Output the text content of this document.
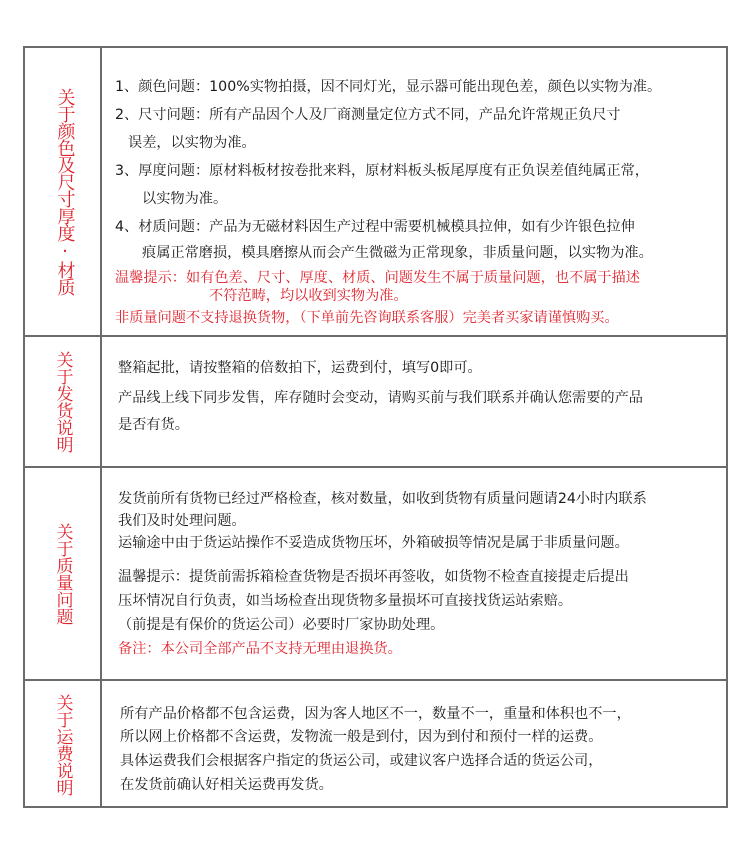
关于颜色及尺寸厚度·材质
1、颜色问题：100%实物拍摄，因不同灯光，显示器可能出现色差，颜色以实物为准。
2、尺寸问题：所有产品因个人及厂商测量定位方式不同，产品允许常规正负尺寸
误差，以实物为准。
3、厚度问题：原材料板材按卷批来料，原材料板头板尾厚度有正负误差值纯属正常，
以实物为准。
4、材质问题：产品为无磁材料因生产过程中需要机械模具拉伸，如有少许银色拉伸
痕属正常磨损，模具磨擦从而会产生微磁为正常现象，非质量问题，以实物为准。
温馨提示：如有色差、尺寸、厚度、材质、问题发生不属于质量问题，也不属于描述
不符范畴，均以收到实物为准。
非质量问题不支持退换货物，（下单前先咨询联系客服）完美者买家请谨慎购买。
关于发货说明	整箱起批，请按整箱的倍数拍下，运费到付，填写0即可。
产品线上线下同步发售，库存随时会变动，请购买前与我们联系并确认您需要的产品
是否有货。
关于质量问题
发货前所有货物已经过严格检查，核对数量，如收到货物有质量问题请24小时内联系
我们及时处理问题。
运输途中由于货运站操作不妥造成货物压坏，外箱破损等情况是属于非质量问题。
温馨提示：提货前需拆箱检查货物是否损坏再签收，如货物不检查直接提走后提出
压坏情况自行负责，如当场检查出现货物多量损坏可直接找货运站索赔。
（前提是有保价的货运公司）必要时厂家协助处理。
备注：本公司全部产品不支持无理由退换货。
关于运费说明	所有产品价格都不包含运费，因为客人地区不一，数量不一，重量和体积也不一，
所以网上价格都不含运费，发物流一般是到付，因为到付和预付一样的运费。
具体运费我们会根据客户指定的货运公司，或建议客户选择合适的货运公司，
在发货前确认好相关运费再发货。
